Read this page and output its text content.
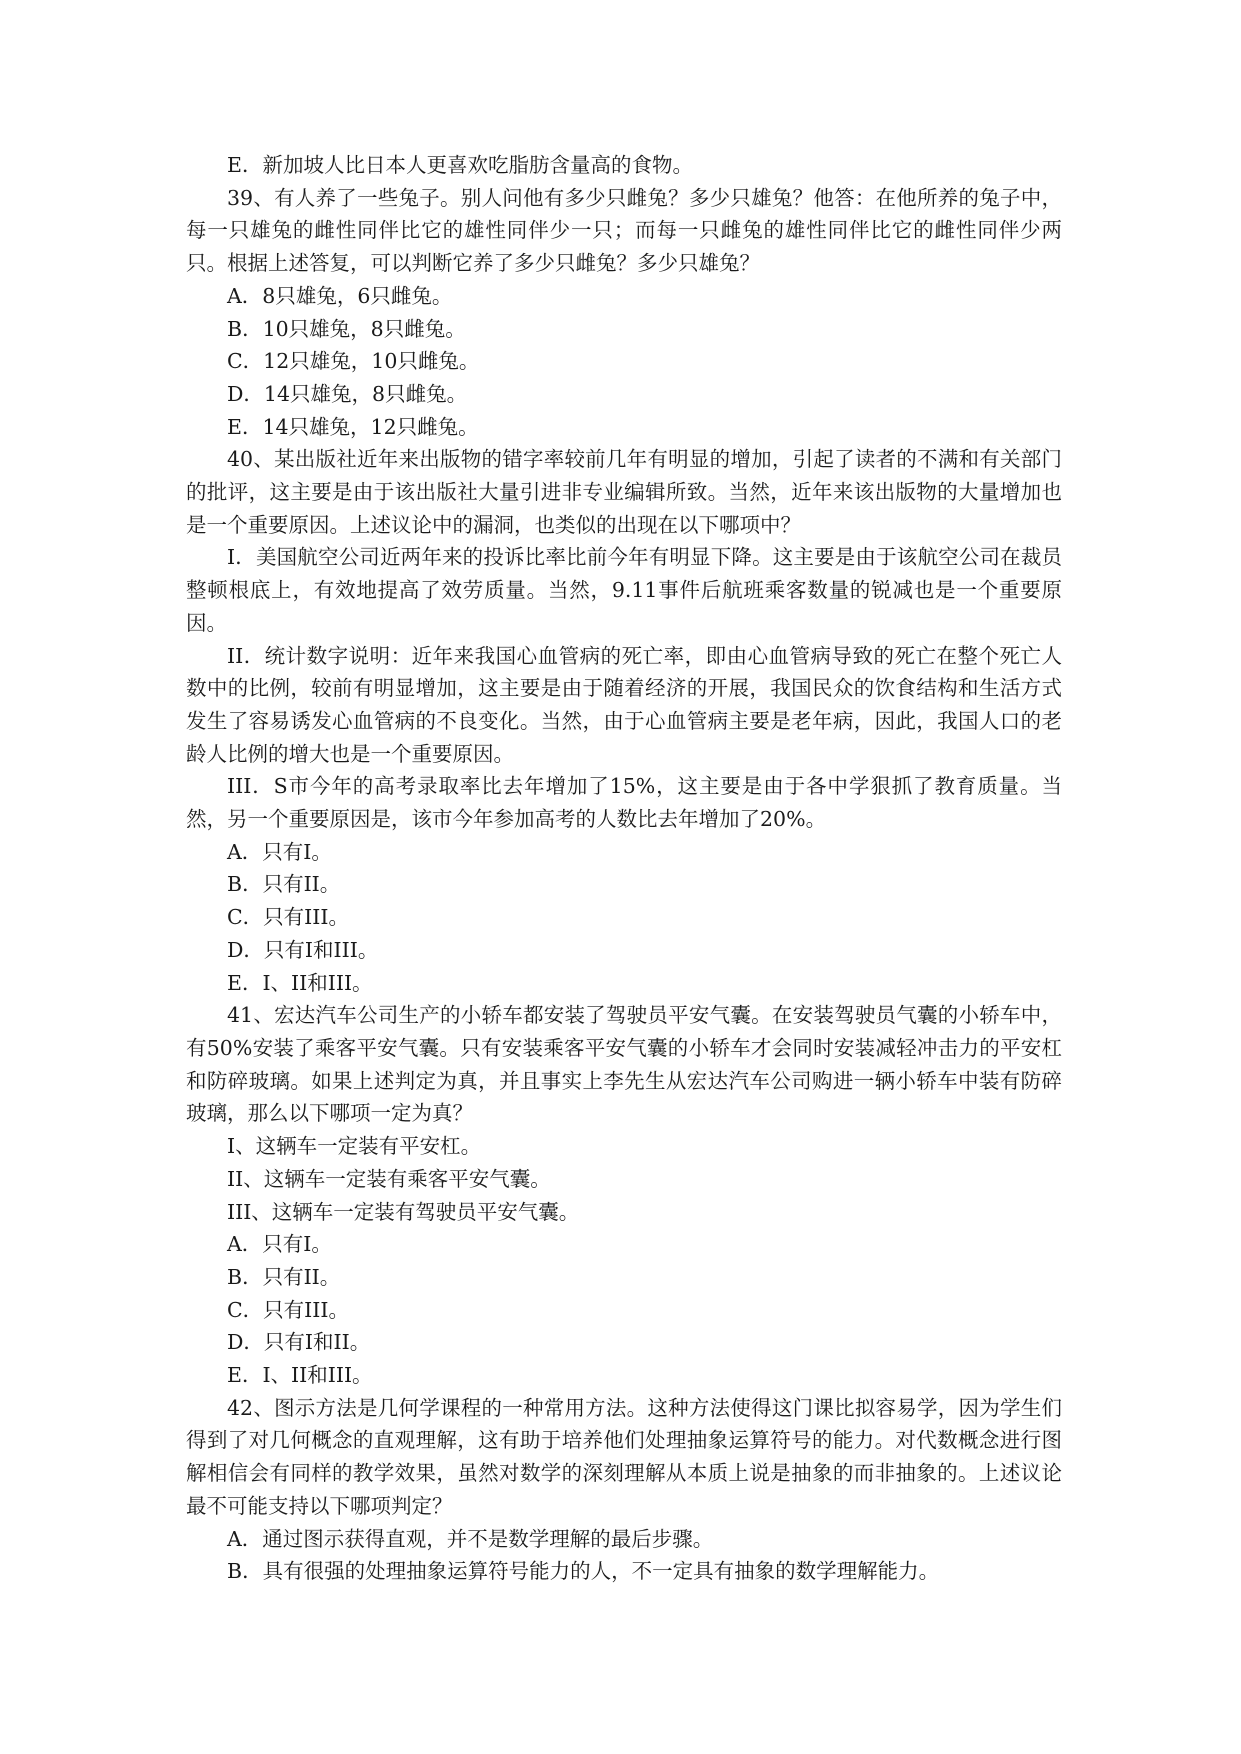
E．新加坡人比日本人更喜欢吃脂肪含量高的食物。

39、有人养了一些兔子。别人问他有多少只雌兔？多少只雄兔？他答：在他所养的兔子中，每一只雄兔的雌性同伴比它的雄性同伴少一只；而每一只雌兔的雄性同伴比它的雌性同伴少两只。根据上述答复，可以判断它养了多少只雌兔？多少只雄兔？

A．8只雄兔，6只雌兔。

B．10只雄兔，8只雌兔。

C．12只雄兔，10只雌兔。

D．14只雄兔，8只雌兔。

E．14只雄兔，12只雌兔。

40、某出版社近年来出版物的错字率较前几年有明显的增加，引起了读者的不满和有关部门的批评，这主要是由于该出版社大量引进非专业编辑所致。当然，近年来该出版物的大量增加也是一个重要原因。上述议论中的漏洞，也类似的出现在以下哪项中？

I．美国航空公司近两年来的投诉比率比前今年有明显下降。这主要是由于该航空公司在裁员整顿根底上，有效地提高了效劳质量。当然，9.11事件后航班乘客数量的锐减也是一个重要原因。

II．统计数字说明：近年来我国心血管病的死亡率，即由心血管病导致的死亡在整个死亡人数中的比例，较前有明显增加，这主要是由于随着经济的开展，我国民众的饮食结构和生活方式发生了容易诱发心血管病的不良变化。当然，由于心血管病主要是老年病，因此，我国人口的老龄人比例的增大也是一个重要原因。

III．S市今年的高考录取率比去年增加了15%，这主要是由于各中学狠抓了教育质量。当然，另一个重要原因是，该市今年参加高考的人数比去年增加了20%。

A．只有I。

B．只有II。

C．只有III。

D．只有I和III。

E．I、II和III。

41、宏达汽车公司生产的小轿车都安装了驾驶员平安气囊。在安装驾驶员气囊的小轿车中，有50%安装了乘客平安气囊。只有安装乘客平安气囊的小轿车才会同时安装减轻冲击力的平安杠和防碎玻璃。如果上述判定为真，并且事实上李先生从宏达汽车公司购进一辆小轿车中装有防碎玻璃，那么以下哪项一定为真？

I、这辆车一定装有平安杠。

II、这辆车一定装有乘客平安气囊。

III、这辆车一定装有驾驶员平安气囊。

A．只有I。

B．只有II。

C．只有III。

D．只有I和II。

E．I、II和III。

42、图示方法是几何学课程的一种常用方法。这种方法使得这门课比拟容易学，因为学生们得到了对几何概念的直观理解，这有助于培养他们处理抽象运算符号的能力。对代数概念进行图解相信会有同样的教学效果，虽然对数学的深刻理解从本质上说是抽象的而非抽象的。上述议论最不可能支持以下哪项判定？

A．通过图示获得直观，并不是数学理解的最后步骤。

B．具有很强的处理抽象运算符号能力的人，不一定具有抽象的数学理解能力。
